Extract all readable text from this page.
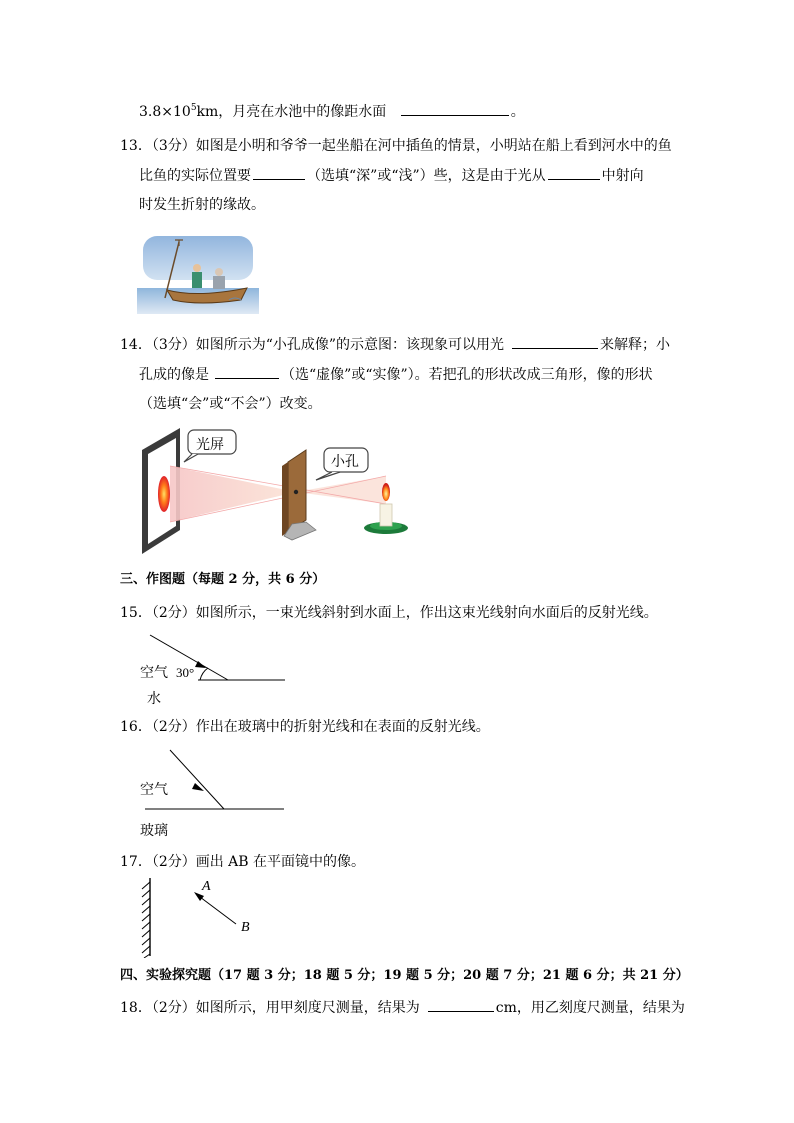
$3.8\times 10^5km$，月亮在水池中的像距水面	。
13．（3分）如图是小明和爷爷一起坐船在河中插鱼的情景，小明站在船上看到河水中的鱼
比鱼的实际位置要	（选填“深”或“浅”）些，这是由于光从	中射向
时发生折射的缘故。
14．（3分）如图所示为“小孔成像”的示意图：该现象可以用光	来解释；小
孔成的像是	（选“虚像”或“实像”）。若把孔的形状改成三角形，像的形状
（选填“会”或“不会”）改变。
光屏
小孔
三、作图题（每题 2 分，共 6 分）
15．（2分）如图所示，一束光线斜射到水面上，作出这束光线射向水面后的反射光线。
空气 30°
水
16．（2分）作出在玻璃中的折射光线和在表面的反射光线。
空气
玻璃
17．（2分）画出 AB 在平面镜中的像。
A
B
四、实验探究题（17 题 3 分；18 题 5 分；19 题 5 分；20 题 7 分；21 题 6 分；共 21 分）
18．（2分）如图所示，用甲刻度尺测量，结果为	cm，用乙刻度尺测量，结果为
